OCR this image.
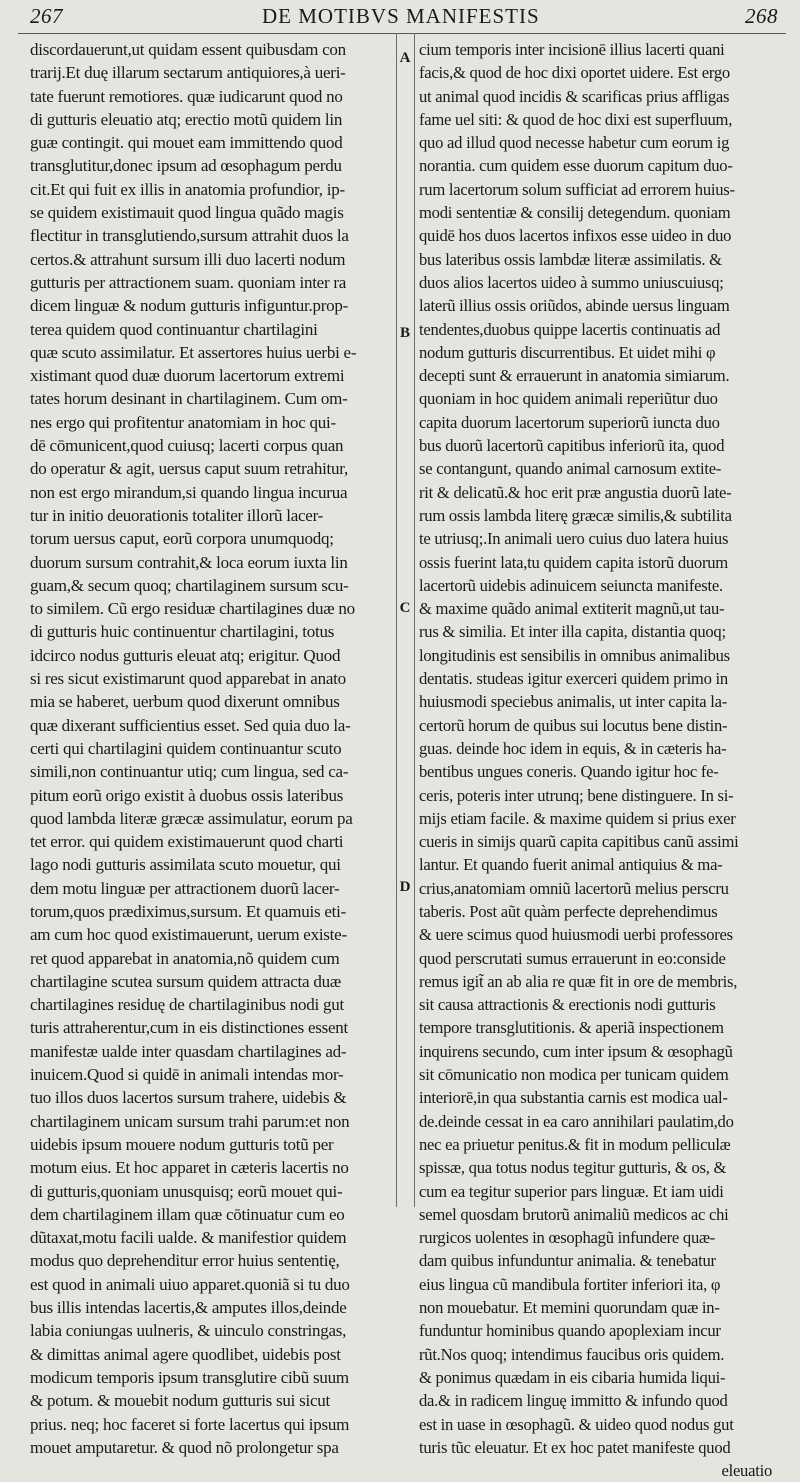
267	DE MOTIBVS MANIFESTIS	268
A
B
C
D
discordauerunt,ut quidam essent quibusdam con
trarij.Et duę illarum sectarum antiquiores,à ueri-
tate fuerunt remotiores. quæ iudicarunt quod no
di gutturis eleuatio atq; erectio motũ quidem lin
guæ contingit. qui mouet eam immittendo quod
transglutitur,donec ipsum ad œsophagum perdu
cit.Et qui fuit ex illis in anatomia profundior, ip-
se quidem existimauit quod lingua quãdo magis
flectitur in transglutiendo,sursum attrahit duos la
certos.& attrahunt sursum illi duo lacerti nodum
gutturis per attractionem suam. quoniam inter ra
dicem linguæ & nodum gutturis infiguntur.prop-
terea quidem quod continuantur chartilagini
quæ scuto assimilatur. Et assertores huius uerbi e-
xistimant quod duæ duorum lacertorum extremi
tates horum desinant in chartilaginem. Cum om-
nes ergo qui profitentur anatomiam in hoc qui-
dē cōmunicent,quod cuiusq; lacerti corpus quan
do operatur & agit, uersus caput suum retrahitur,
non est ergo mirandum,si quando lingua incurua
tur in initio deuorationis totaliter illorũ lacer-
torum uersus caput, eorũ corpora unumquodq;
duorum sursum contrahit,& loca eorum iuxta lin
guam,& secum quoq; chartilaginem sursum scu-
to similem. Cũ ergo residuæ chartilagines duæ no
di gutturis huic continuentur chartilagini, totus
idcirco nodus gutturis eleuat atq; erigitur. Quod
si res sicut existimarunt quod apparebat in anato
mia se haberet, uerbum quod dixerunt omnibus
quæ dixerant sufficientius esset. Sed quia duo la-
certi qui chartilagini quidem continuantur scuto
simili,non continuantur utiq; cum lingua, sed ca-
pitum eorũ origo existit à duobus ossis lateribus
quod lambda literæ græcæ assimulatur, eorum pa
tet error. qui quidem existimauerunt quod charti
lago nodi gutturis assimilata scuto mouetur, qui
dem motu linguæ per attractionem duorũ lacer-
torum,quos prædiximus,sursum. Et quamuis eti-
am cum hoc quod existimauerunt, uerum existe-
ret quod apparebat in anatomia,nõ quidem cum
chartilagine scutea sursum quidem attracta duæ
chartilagines residuę de chartilaginibus nodi gut
turis attraherentur,cum in eis distinctiones essent
manifestæ ualde inter quasdam chartilagines ad-
inuicem.Quod si quidē in animali intendas mor-
tuo illos duos lacertos sursum trahere, uidebis &
chartilaginem unicam sursum trahi parum:et non
uidebis ipsum mouere nodum gutturis totũ per
motum eius. Et hoc apparet in cæteris lacertis no
di gutturis,quoniam unusquisq; eorũ mouet qui-
dem chartilaginem illam quæ cōtinuatur cum eo
dũtaxat,motu facili ualde. & manifestior quidem
modus quo deprehenditur error huius sententię,
est quod in animali uiuo apparet.quoniã si tu duo
bus illis intendas lacertis,& amputes illos,deinde
labia coniungas uulneris, & uinculo constringas,
& dimittas animal agere quodlibet, uidebis post
modicum temporis ipsum transglutire cibũ suum
& potum. & mouebit nodum gutturis sui sicut
prius. neq; hoc faceret si forte lacertus qui ipsum
mouet amputaretur. & quod nõ prolongetur spa
cium temporis inter incisionē illius lacerti quani
facis,& quod de hoc dixi oportet uidere. Est ergo
ut animal quod incidis & scarificas prius affligas
fame uel siti: & quod de hoc dixi est superfluum,
quo ad illud quod necesse habetur cum eorum ig
norantia. cum quidem esse duorum capitum duo-
rum lacertorum solum sufficiat ad errorem huius-
modi sententiæ & consilij detegendum. quoniam
quidē hos duos lacertos infixos esse uideo in duo
bus lateribus ossis lambdæ literæ assimilatis. &
duos alios lacertos uideo à summo uniuscuiusq;
laterũ illius ossis oriũdos, abinde uersus linguam
tendentes,duobus quippe lacertis continuatis ad
nodum gutturis discurrentibus. Et uidet mihi φ
decepti sunt & errauerunt in anatomia simiarum.
quoniam in hoc quidem animali reperiũtur duo
capita duorum lacertorum superiorũ iuncta duo
bus duorũ lacertorũ capitibus inferiorũ ita, quod
se contangunt, quando animal carnosum extite-
rit & delicatũ.& hoc erit præ angustia duorũ late-
rum ossis lambda literę græcæ similis,& subtilita
te utriusq;.In animali uero cuius duo latera huius
ossis fuerint lata,tu quidem capita istorũ duorum
lacertorũ uidebis adinuicem seiuncta manifeste.
& maxime quãdo animal extiterit magnũ,ut tau-
rus & similia. Et inter illa capita, distantia quoq;
longitudinis est sensibilis in omnibus animalibus
dentatis. studeas igitur exerceri quidem primo in
huiusmodi speciebus animalis, ut inter capita la-
certorũ horum de quibus sui locutus bene distin-
guas. deinde hoc idem in equis, & in cæteris ha-
bentibus ungues coneris. Quando igitur hoc fe-
ceris, poteris inter utrunq; bene distinguere. In si-
mijs etiam facile. & maxime quidem si prius exer
cueris in simijs quarũ capita capitibus canũ assimi
lantur. Et quando fuerit animal antiquius & ma-
crius,anatomiam omniũ lacertorũ melius perscru
taberis. Post aũt quàm perfecte deprehendimus
& uere scimus quod huiusmodi uerbi professores
quod perscrutati sumus errauerunt in eo:conside
remus igit̃ an ab alia re quæ fit in ore de membris,
sit causa attractionis & erectionis nodi gutturis
tempore transglutitionis. & aperiã inspectionem
inquirens secundo, cum inter ipsum & œsophagũ
sit cōmunicatio non modica per tunicam quidem
interiorē,in qua substantia carnis est modica ual-
de.deinde cessat in ea caro annihilari paulatim,do
nec ea priuetur penitus.& fit in modum pelliculæ
spissæ, qua totus nodus tegitur gutturis, & os, &
cum ea tegitur superior pars linguæ. Et iam uidi
semel quosdam brutorũ animaliũ medicos ac chi
rurgicos uolentes in œsophagũ infundere quæ-
dam quibus infunduntur animalia. & tenebatur
eius lingua cũ mandibula fortiter inferiori ita, φ
non mouebatur. Et memini quorundam quæ in-
funduntur hominibus quando apoplexiam incur
rũt.Nos quoq; intendimus faucibus oris quidem.
& ponimus quædam in eis cibaria humida liqui-
da.& in radicem linguę immitto & infundo quod
est in uase in œsophagũ. & uideo quod nodus gut
turis tũc eleuatur. Et ex hoc patet manifeste quod
eleuatio
